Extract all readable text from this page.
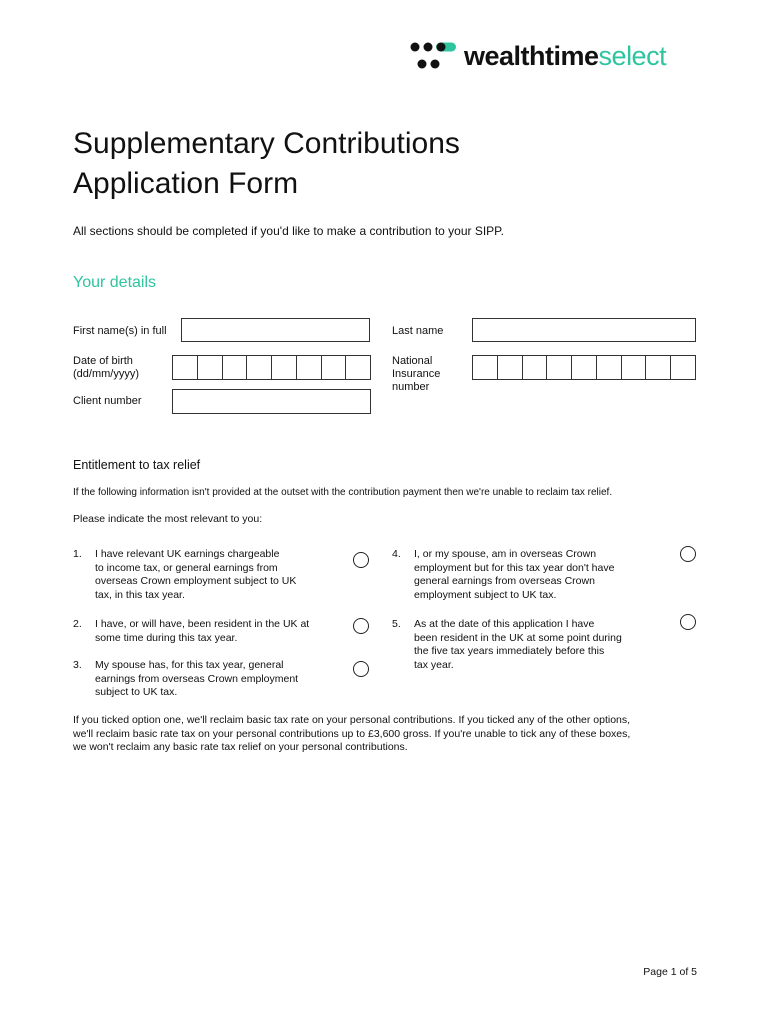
wealthtimeselect
Supplementary Contributions Application Form
All sections should be completed if you'd like to make a contribution to your SIPP.
Your details
First name(s) in full	Last name
Date of birth
(dd/mm/yyyy)
National
Insurance
number
Client number
Entitlement to tax relief
If the following information isn't provided at the outset with the contribution payment then we're unable to reclaim tax relief.
Please indicate the most relevant to you:
1. I have relevant UK earnings chargeable
to income tax, or general earnings from
overseas Crown employment subject to UK
tax, in this tax year.
2. I have, or will have, been resident in the UK at
some time during this tax year.
3. My spouse has, for this tax year, general
earnings from overseas Crown employment
subject to UK tax.
4. I, or my spouse, am in overseas Crown
employment but for this tax year don't have
general earnings from overseas Crown
employment subject to UK tax.
5. As at the date of this application I have
been resident in the UK at some point during
the five tax years immediately before this
tax year.
If you ticked option one, we'll reclaim basic tax rate on your personal contributions. If you ticked any of the other options,
we'll reclaim basic rate tax on your personal contributions up to £3,600 gross. If you're unable to tick any of these boxes,
we won't reclaim any basic rate tax relief on your personal contributions.
Page 1 of 5
